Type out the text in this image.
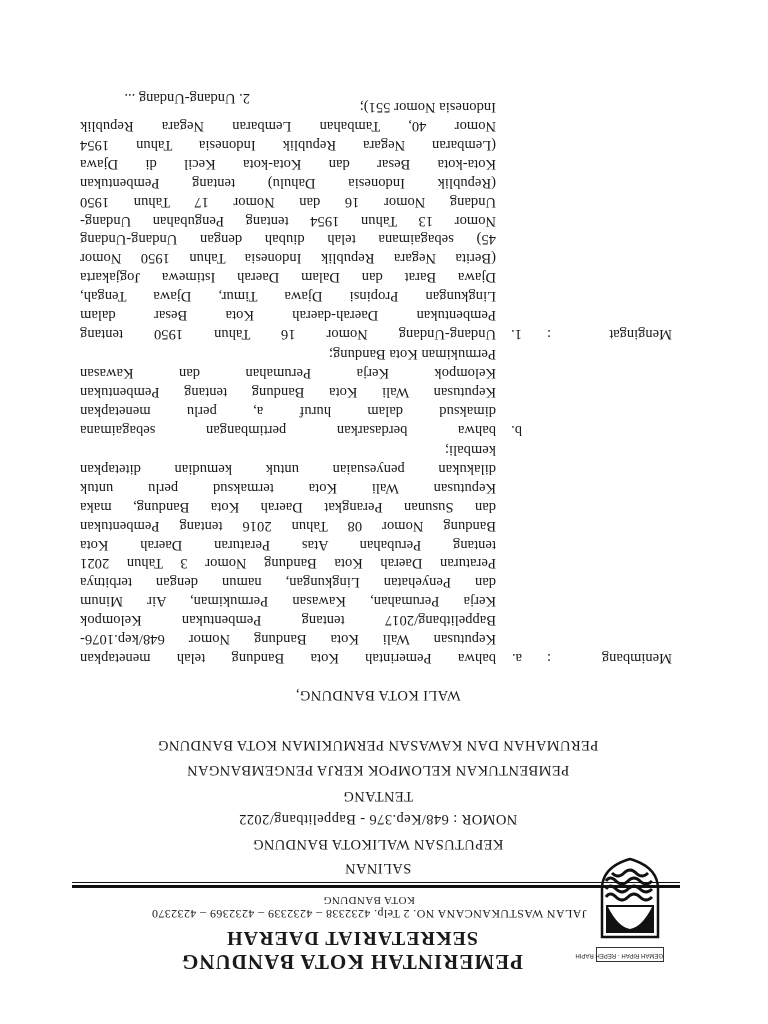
GEMAH RIPAH · REPEH RAPIH
PEMERINTAH KOTA BANDUNG
SEKRETARIAT DAERAH
JALAN WASTUKANCANA NO. 2 Telp. 4232338 – 4232339 – 4232369 – 4232370
KOTA BANDUNG
SALINAN
KEPUTUSAN WALIKOTA BANDUNG
NOMOR : 648/Kep.376 - Bappelitbang/2022
TENTANG
PEMBENTUKAN KELOMPOK KERJA PENGEMBANGAN
PERUMAHAN DAN KAWASAN PERMUKIMAN KOTA BANDUNG
WALI KOTA BANDUNG,
Menimbang
:
a.
bahwa Pemerintah Kota Bandung telah menetapkan
Keputusan Wali Kota Bandung Nomor 648/kep.1076-
Bappelitbang/2017 tentang Pembentukan Kelompok
Kerja Perumahan, Kawasan Permukiman, Air Minum
dan Penyehatan Lingkungan, namun dengan terbitnya
Peraturan Daerah Kota Bandung Nomor 3 Tahun 2021
tentang Perubahan Atas Peraturan Daerah Kota
Bandung Nomor 08 Tahun 2016 tentang Pembentukan
dan Susunan Perangkat Daerah Kota Bandung, maka
Keputusan Wali Kota termaksud perlu untuk
dilakukan penyesuaian untuk kemudian ditetapkan
kembali;
b.
bahwa berdasarkan pertimbangan sebagaimana
dimaksud dalam huruf a, perlu menetapkan
Keputusan Wali Kota Bandung tentang Pembentukan
Kelompok Kerja Perumahan dan Kawasan
Permukiman Kota Bandung;
Mengingat
:
1.
Undang-Undang Nomor 16 Tahun 1950 tentang
Pembentukan Daerah-daerah Kota Besar dalam
Lingkungan Propinsi Djawa Timur, Djawa Tengah,
Djawa Barat dan Dalam Daerah Istimewa Jogjakarta
(Berita Negara Republik Indonesia Tahun 1950 Nomor
45) sebagaimana telah diubah dengan Undang-Undang
Nomor 13 Tahun 1954 tentang Pengubahan Undang-
Undang Nomor 16 dan Nomor 17 Tahun 1950
(Republik Indonesia Dahulu) tentang Pembentukan
Kota-kota Besar dan Kota-kota Kecil di Djawa
(Lembaran Negara Republik Indonesia Tahun 1954
Nomor 40, Tambahan Lembaran Negara Republik
Indonesia Nomor 551);
2. Undang-Undang ...
